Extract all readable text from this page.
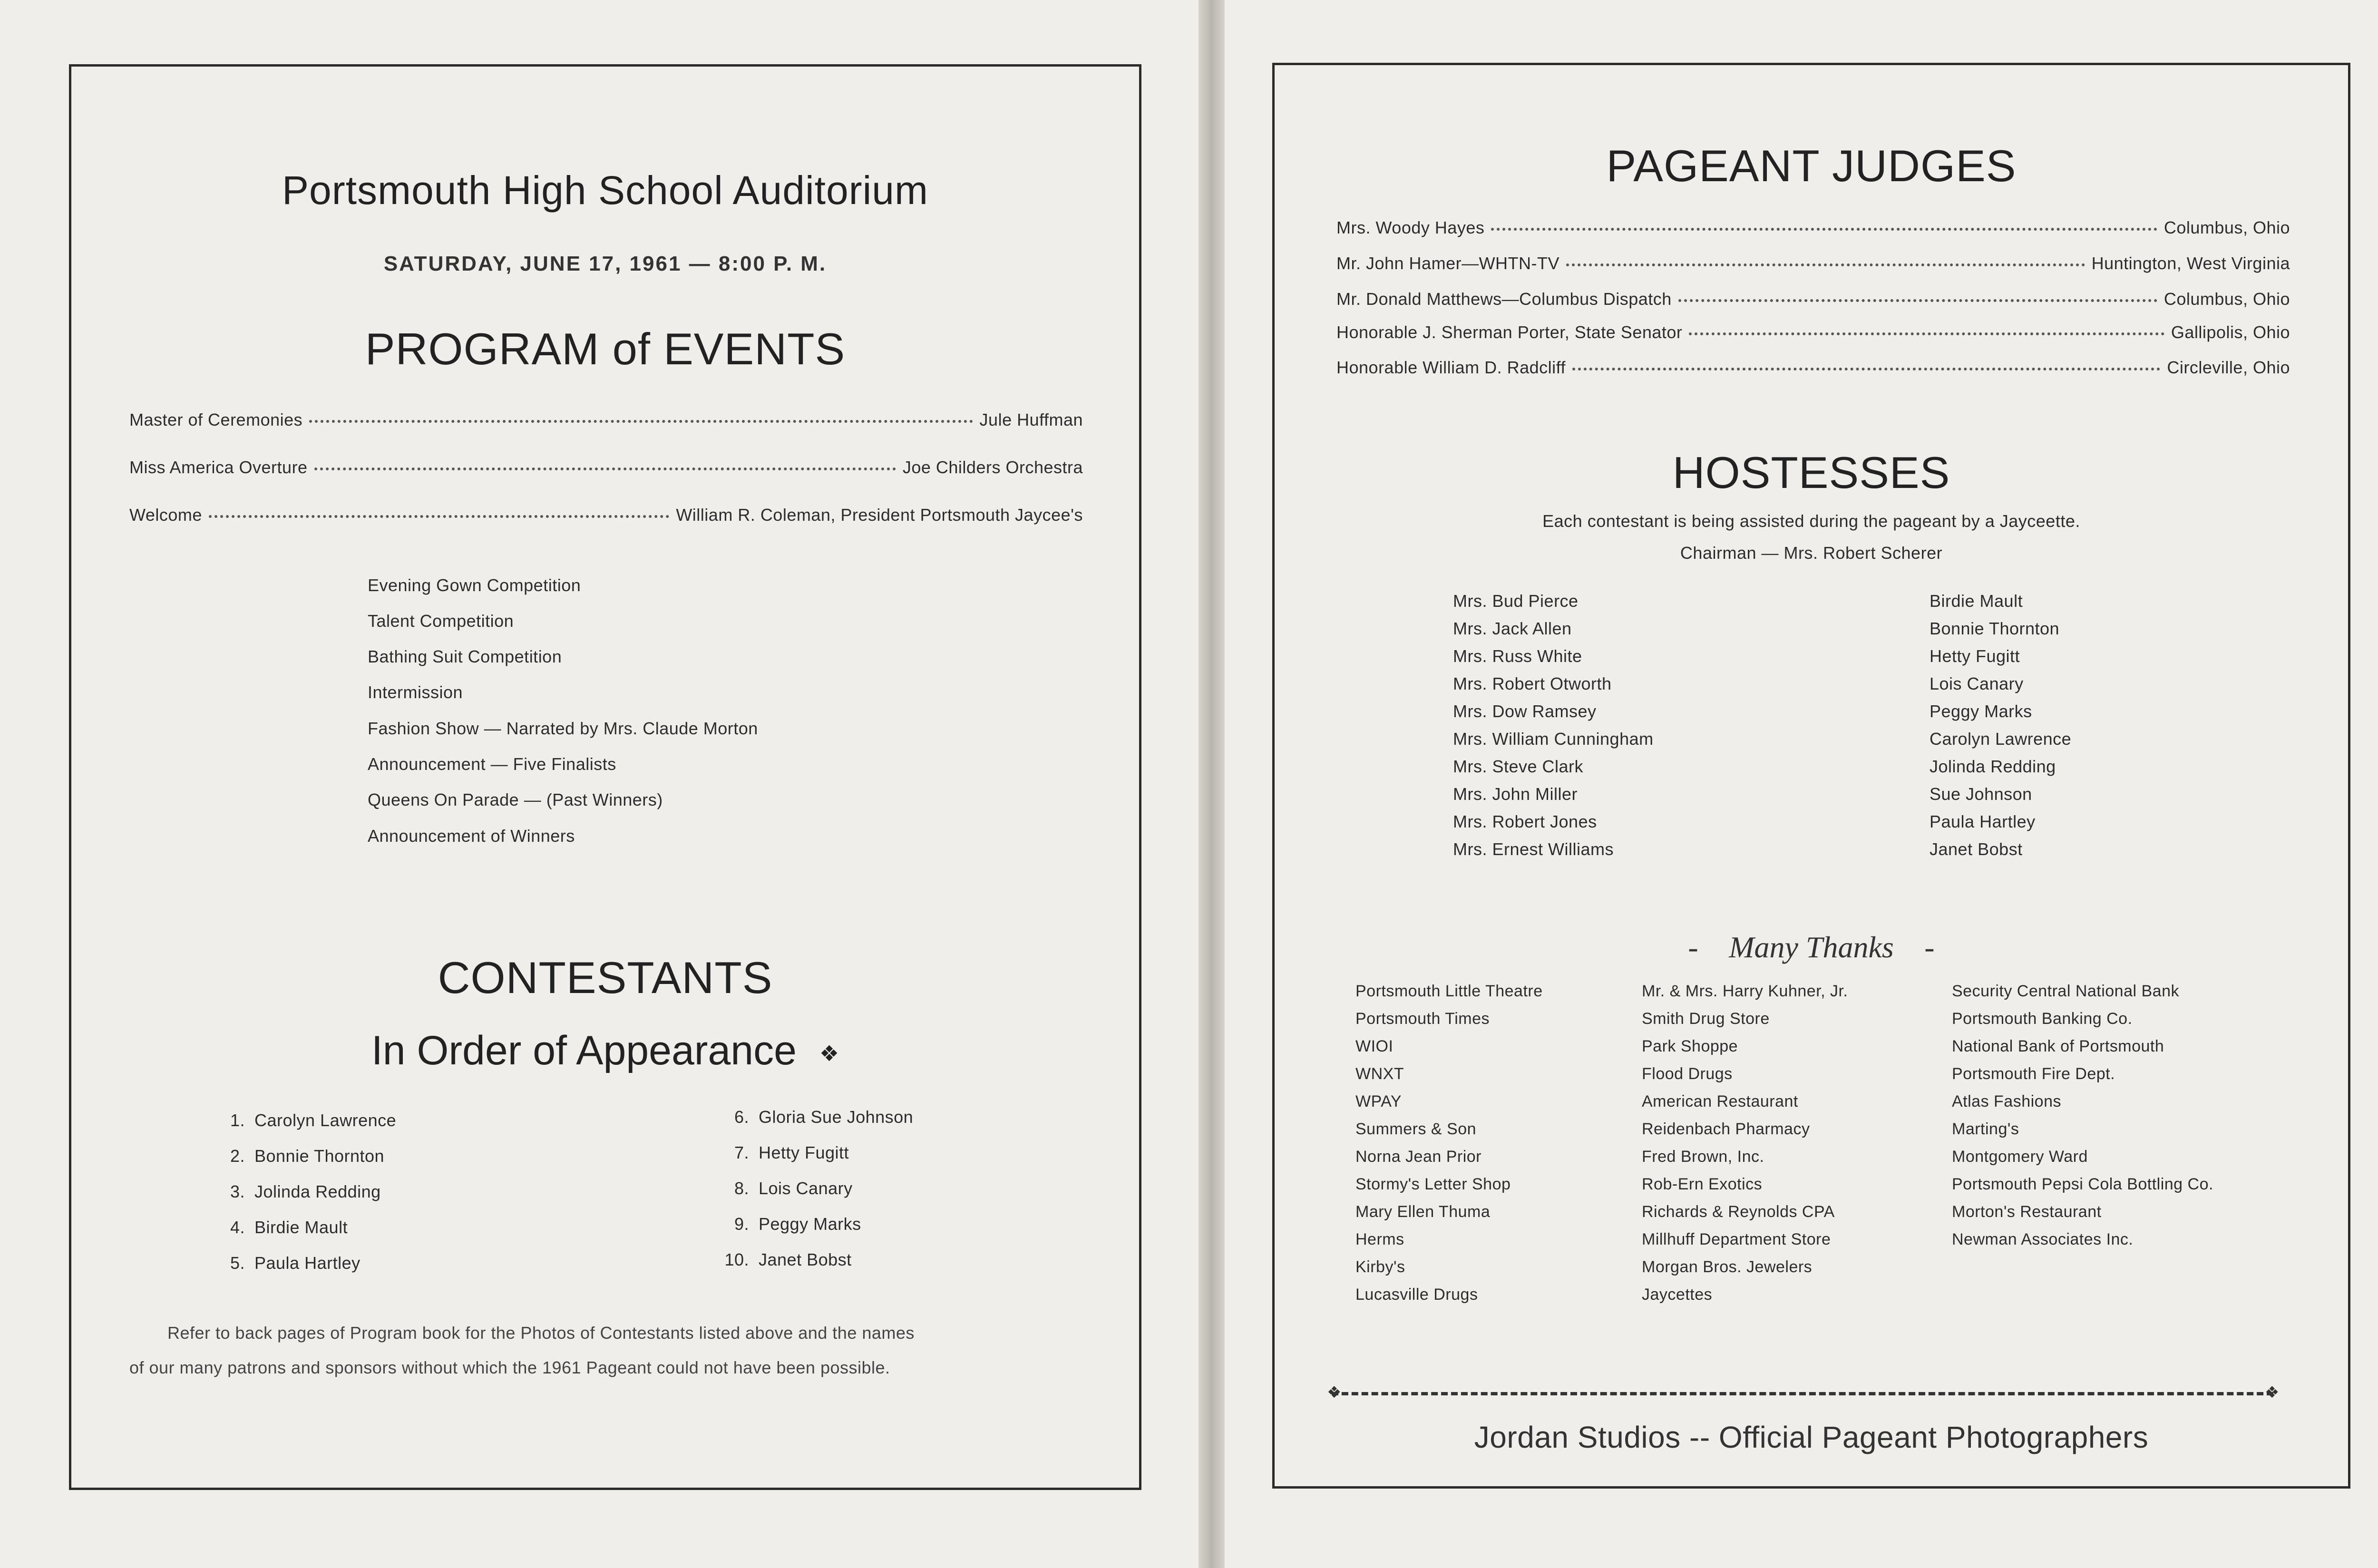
Portsmouth High School Auditorium
SATURDAY, JUNE 17, 1961 — 8:00 P. M.
PROGRAM of EVENTS
Master of Ceremonies	Jule Huffman
Miss America Overture	Joe Childers Orchestra
Welcome	William R. Coleman, President Portsmouth Jaycee's
Evening Gown Competition
Talent Competition
Bathing Suit Competition
Intermission
Fashion Show — Narrated by Mrs. Claude Morton
Announcement — Five Finalists
Queens On Parade — (Past Winners)
Announcement of Winners
CONTESTANTS
In Order of Appearance ❖
1. Carolyn Lawrence
2. Bonnie Thornton
3. Jolinda Redding
4. Birdie Mault
5. Paula Hartley
6. Gloria Sue Johnson
7. Hetty Fugitt
8. Lois Canary
9. Peggy Marks
10. Janet Bobst
Refer to back pages of Program book for the Photos of Contestants listed above and the names
of our many patrons and sponsors without which the 1961 Pageant could not have been possible.
PAGEANT JUDGES
Mrs. Woody Hayes	Columbus, Ohio
Mr. John Hamer—WHTN-TV	Huntington, West Virginia
Mr. Donald Matthews—Columbus Dispatch	Columbus, Ohio
Honorable J. Sherman Porter, State Senator	Gallipolis, Ohio
Honorable William D. Radcliff	Circleville, Ohio
HOSTESSES
Each contestant is being assisted during the pageant by a Jayceette.
Chairman — Mrs. Robert Scherer
Mrs. Bud Pierce
Mrs. Jack Allen
Mrs. Russ White
Mrs. Robert Otworth
Mrs. Dow Ramsey
Mrs. William Cunningham
Mrs. Steve Clark
Mrs. John Miller
Mrs. Robert Jones
Mrs. Ernest Williams
Birdie Mault
Bonnie Thornton
Hetty Fugitt
Lois Canary
Peggy Marks
Carolyn Lawrence
Jolinda Redding
Sue Johnson
Paula Hartley
Janet Bobst
- Many Thanks -
Portsmouth Little Theatre
Portsmouth Times
WIOI
WNXT
WPAY
Summers & Son
Norna Jean Prior
Stormy's Letter Shop
Mary Ellen Thuma
Herms
Kirby's
Lucasville Drugs
Mr. & Mrs. Harry Kuhner, Jr.
Smith Drug Store
Park Shoppe
Flood Drugs
American Restaurant
Reidenbach Pharmacy
Fred Brown, Inc.
Rob-Ern Exotics
Richards & Reynolds CPA
Millhuff Department Store
Morgan Bros. Jewelers
Jaycettes
Security Central National Bank
Portsmouth Banking Co.
National Bank of Portsmouth
Portsmouth Fire Dept.
Atlas Fashions
Marting's
Montgomery Ward
Portsmouth Pepsi Cola Bottling Co.
Morton's Restaurant
Newman Associates Inc.
❖	❖
Jordan Studios -- Official Pageant Photographers
